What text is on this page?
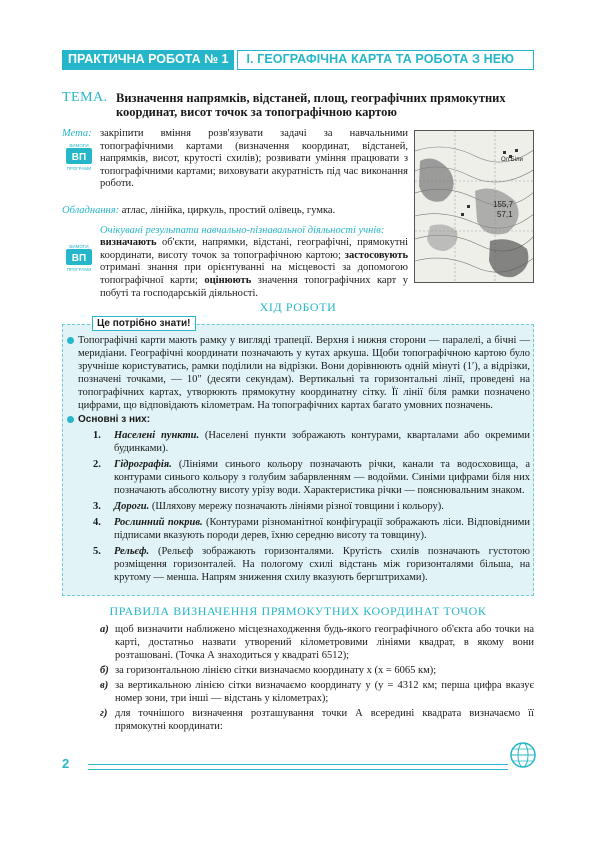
ПРАКТИЧНА РОБОТА № 1	І. ГЕОГРАФІЧНА КАРТА ТА РОБОТА З НЕЮ
ТЕМА. Визначення напрямків, відстаней, площ, географічних прямокутних координат, висот точок за топографічною картою
Мета:
ВИМОГИ
ВП
ПРОГРАМИ
закріпити вміння розв'язувати задачі за навчальними топографічними картами (визначення координат, відстаней, напрямків, висот, крутості схилів); розвивати уміння працювати з топографічними картами; виховувати акуратність під час виконання роботи.
Обладнання: атлас, лінійка, циркуль, простий олівець, гумка.
Очікувані результати навчально-пізнавальної діяльності учнів:
ВИМОГИ
ВП
ПРОГРАМИ
визначають об'єкти, напрямки, відстані, географічні, прямокутні координати, висоту точок за топографічною картою; застосовують отримані знання при орієнтуванні на місцевості за допомогою топографічної карти; оцінюють значення топографічних карт у побуті та господарській діяльності.
155,7
57,1
Ол.Біли
ХІД РОБОТИ
Це потрібно знати!
Топографічні карти мають рамку у вигляді трапеції. Верхня і нижня сторони — паралелі, а бічні — меридіани. Географічні координати позначають у кутах аркуша. Щоби топографічною картою було зручніше користуватись, рамки поділили на відрізки. Вони дорівнюють одній мінуті (1′), а відрізки, позначені точками, — 10″ (десяти секундам). Вертикальні та горизонтальні лінії, проведені на топографічних картах, утворюють прямокутну координатну сітку. Її лінії біля рамки позначено цифрами, що відповідають кілометрам. На топографічних картах багато умовних позначень.
Основні з них:
1. Населені пункти. (Населені пункти зображають контурами, кварталами або окремими будинками).
2. Гідрографія. (Лініями синього кольору позначають річки, канали та водосховища, а контурами синього кольору з голубим забарвленням — водойми. Синіми цифрами біля них позначають абсолютну висоту урізу води. Характеристика річки — пояснювальним знаком.
3. Дороги. (Шляхову мережу позначають лініями різної товщини і кольору).
4. Рослинний покрив. (Контурами різноманітної конфігурації зображають ліси. Відповідними підписами вказують породи дерев, їхню середню висоту та товщину).
5. Рельєф. (Рельєф зображають горизонталями. Крутість схилів позначають густотою розміщення горизонталей. На пологому схилі відстань між горизонталями більша, на крутому — менша. Напрям зниження схилу вказують бергштрихами).
ПРАВИЛА ВИЗНАЧЕННЯ ПРЯМОКУТНИХ КООРДИНАТ ТОЧОК
а) щоб визначити наближено місцезнаходження будь-якого географічного об'єкта або точки на карті, достатньо назвати утворений кілометровими лініями квадрат, в якому вони розташовані. (Точка А знаходиться у квадраті 6512);
б) за горизонтальною лінією сітки визначаємо координату x (x = 6065 км);
в) за вертикальною лінією сітки визначаємо координату y (y = 4312 км; перша цифра вказує номер зони, три інші — відстань у кілометрах);
г) для точнішого визначення розташування точки А всередині квадрата визначаємо її прямокутні координати:
2
